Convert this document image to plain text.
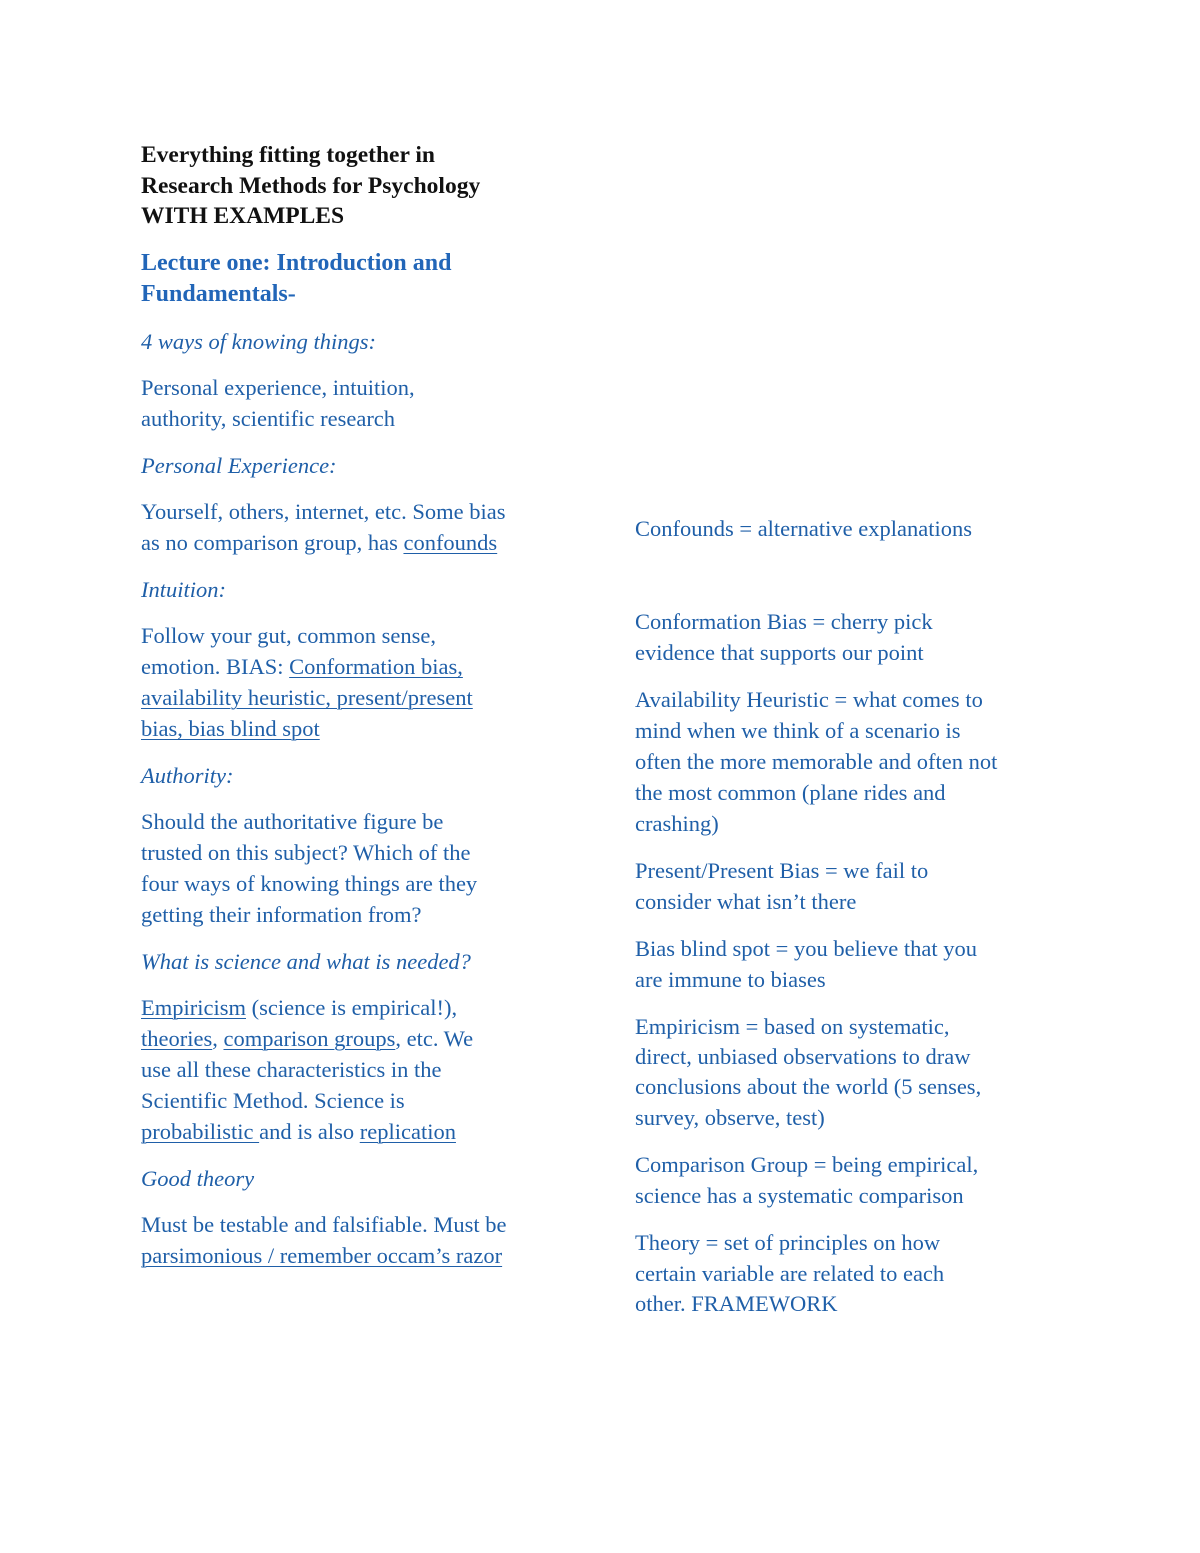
Everything fitting together in

Research Methods for Psychology

WITH EXAMPLES

Lecture one: Introduction and

Fundamentals-

4 ways of knowing things:

Personal experience, intuition,

authority, scientific research

Personal Experience:

Yourself, others, internet, etc. Some bias

as no comparison group, has confounds

Intuition:

Follow your gut, common sense,

emotion. BIAS: Conformation bias,

availability heuristic, present/present

bias, bias blind spot

Authority:

Should the authoritative figure be

trusted on this subject? Which of the

four ways of knowing things are they

getting their information from?

What is science and what is needed?

Empiricism (science is empirical!),

theories, comparison groups, etc. We

use all these characteristics in the

Scientific Method. Science is

probabilistic and is also replication

Good theory

Must be testable and falsifiable. Must be

parsimonious / remember occam’s razor

Confounds = alternative explanations

Conformation Bias = cherry pick

evidence that supports our point

Availability Heuristic = what comes to

mind when we think of a scenario is

often the more memorable and often not

the most common (plane rides and

crashing)

Present/Present Bias = we fail to

consider what isn’t there

Bias blind spot = you believe that you

are immune to biases

Empiricism = based on systematic,

direct, unbiased observations to draw

conclusions about the world (5 senses,

survey, observe, test)

Comparison Group = being empirical,

science has a systematic comparison

Theory = set of principles on how

certain variable are related to each

other. FRAMEWORK
